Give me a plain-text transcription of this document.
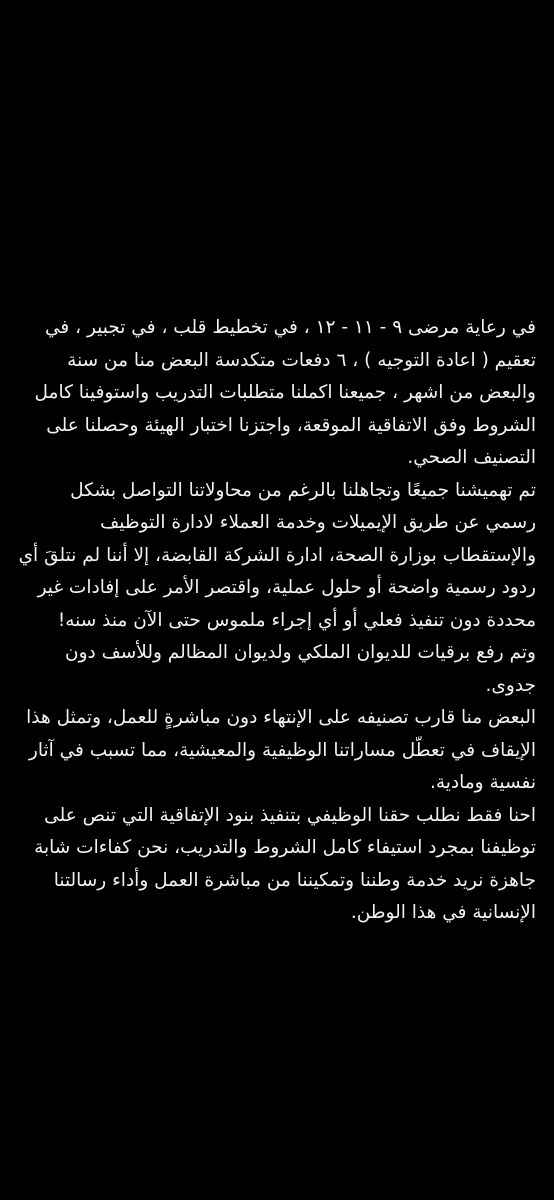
في رعاية مرضى ٩ - ١١ - ١٢ ، في تخطيط قلب ، في تجبير ، في تعقيم ( اعادة التوجيه ) ، ٦ دفعات متكدسة البعض منا من سنة والبعض من اشهر ، جميعنا اكملنا متطلبات التدريب واستوفينا كامل الشروط وفق الاتفاقية الموقعة، واجتزنا اختبار الهيئة وحصلنا على التصنيف الصحي.

تم تهميشنا جميعًا وتجاهلنا بالرغم من محاولاتنا التواصل بشكل رسمي عن طريق الإيميلات وخدمة العملاء لادارة التوظيف والإستقطاب بوزارة الصحة، ادارة الشركة القابضة، إلا أننا لم نتلقَ أي ردود رسمية واضحة أو حلول عملية، واقتصر الأمر على إفادات غير محددة دون تنفيذ فعلي أو أي إجراء ملموس حتى الآن منذ سنه!

وتم رفع برقيات للديوان الملكي ولديوان المظالم وللأسف دون جدوى.

البعض منا قارب تصنيفه على الإنتهاء دون مباشرةٍ للعمل، وتمثل هذا الإيقاف في تعطّل مساراتنا الوظيفية والمعيشية، مما تسبب في آثار نفسية ومادية.

احنا فقط نطلب حقنا الوظيفي بتنفيذ بنود الإتفاقية التي تنص على توظيفنا بمجرد استيفاء كامل الشروط والتدريب، نحن كفاءات شابة جاهزة نريد خدمة وطننا وتمكيننا من مباشرة العمل وأداء رسالتنا الإنسانية في هذا الوطن.
